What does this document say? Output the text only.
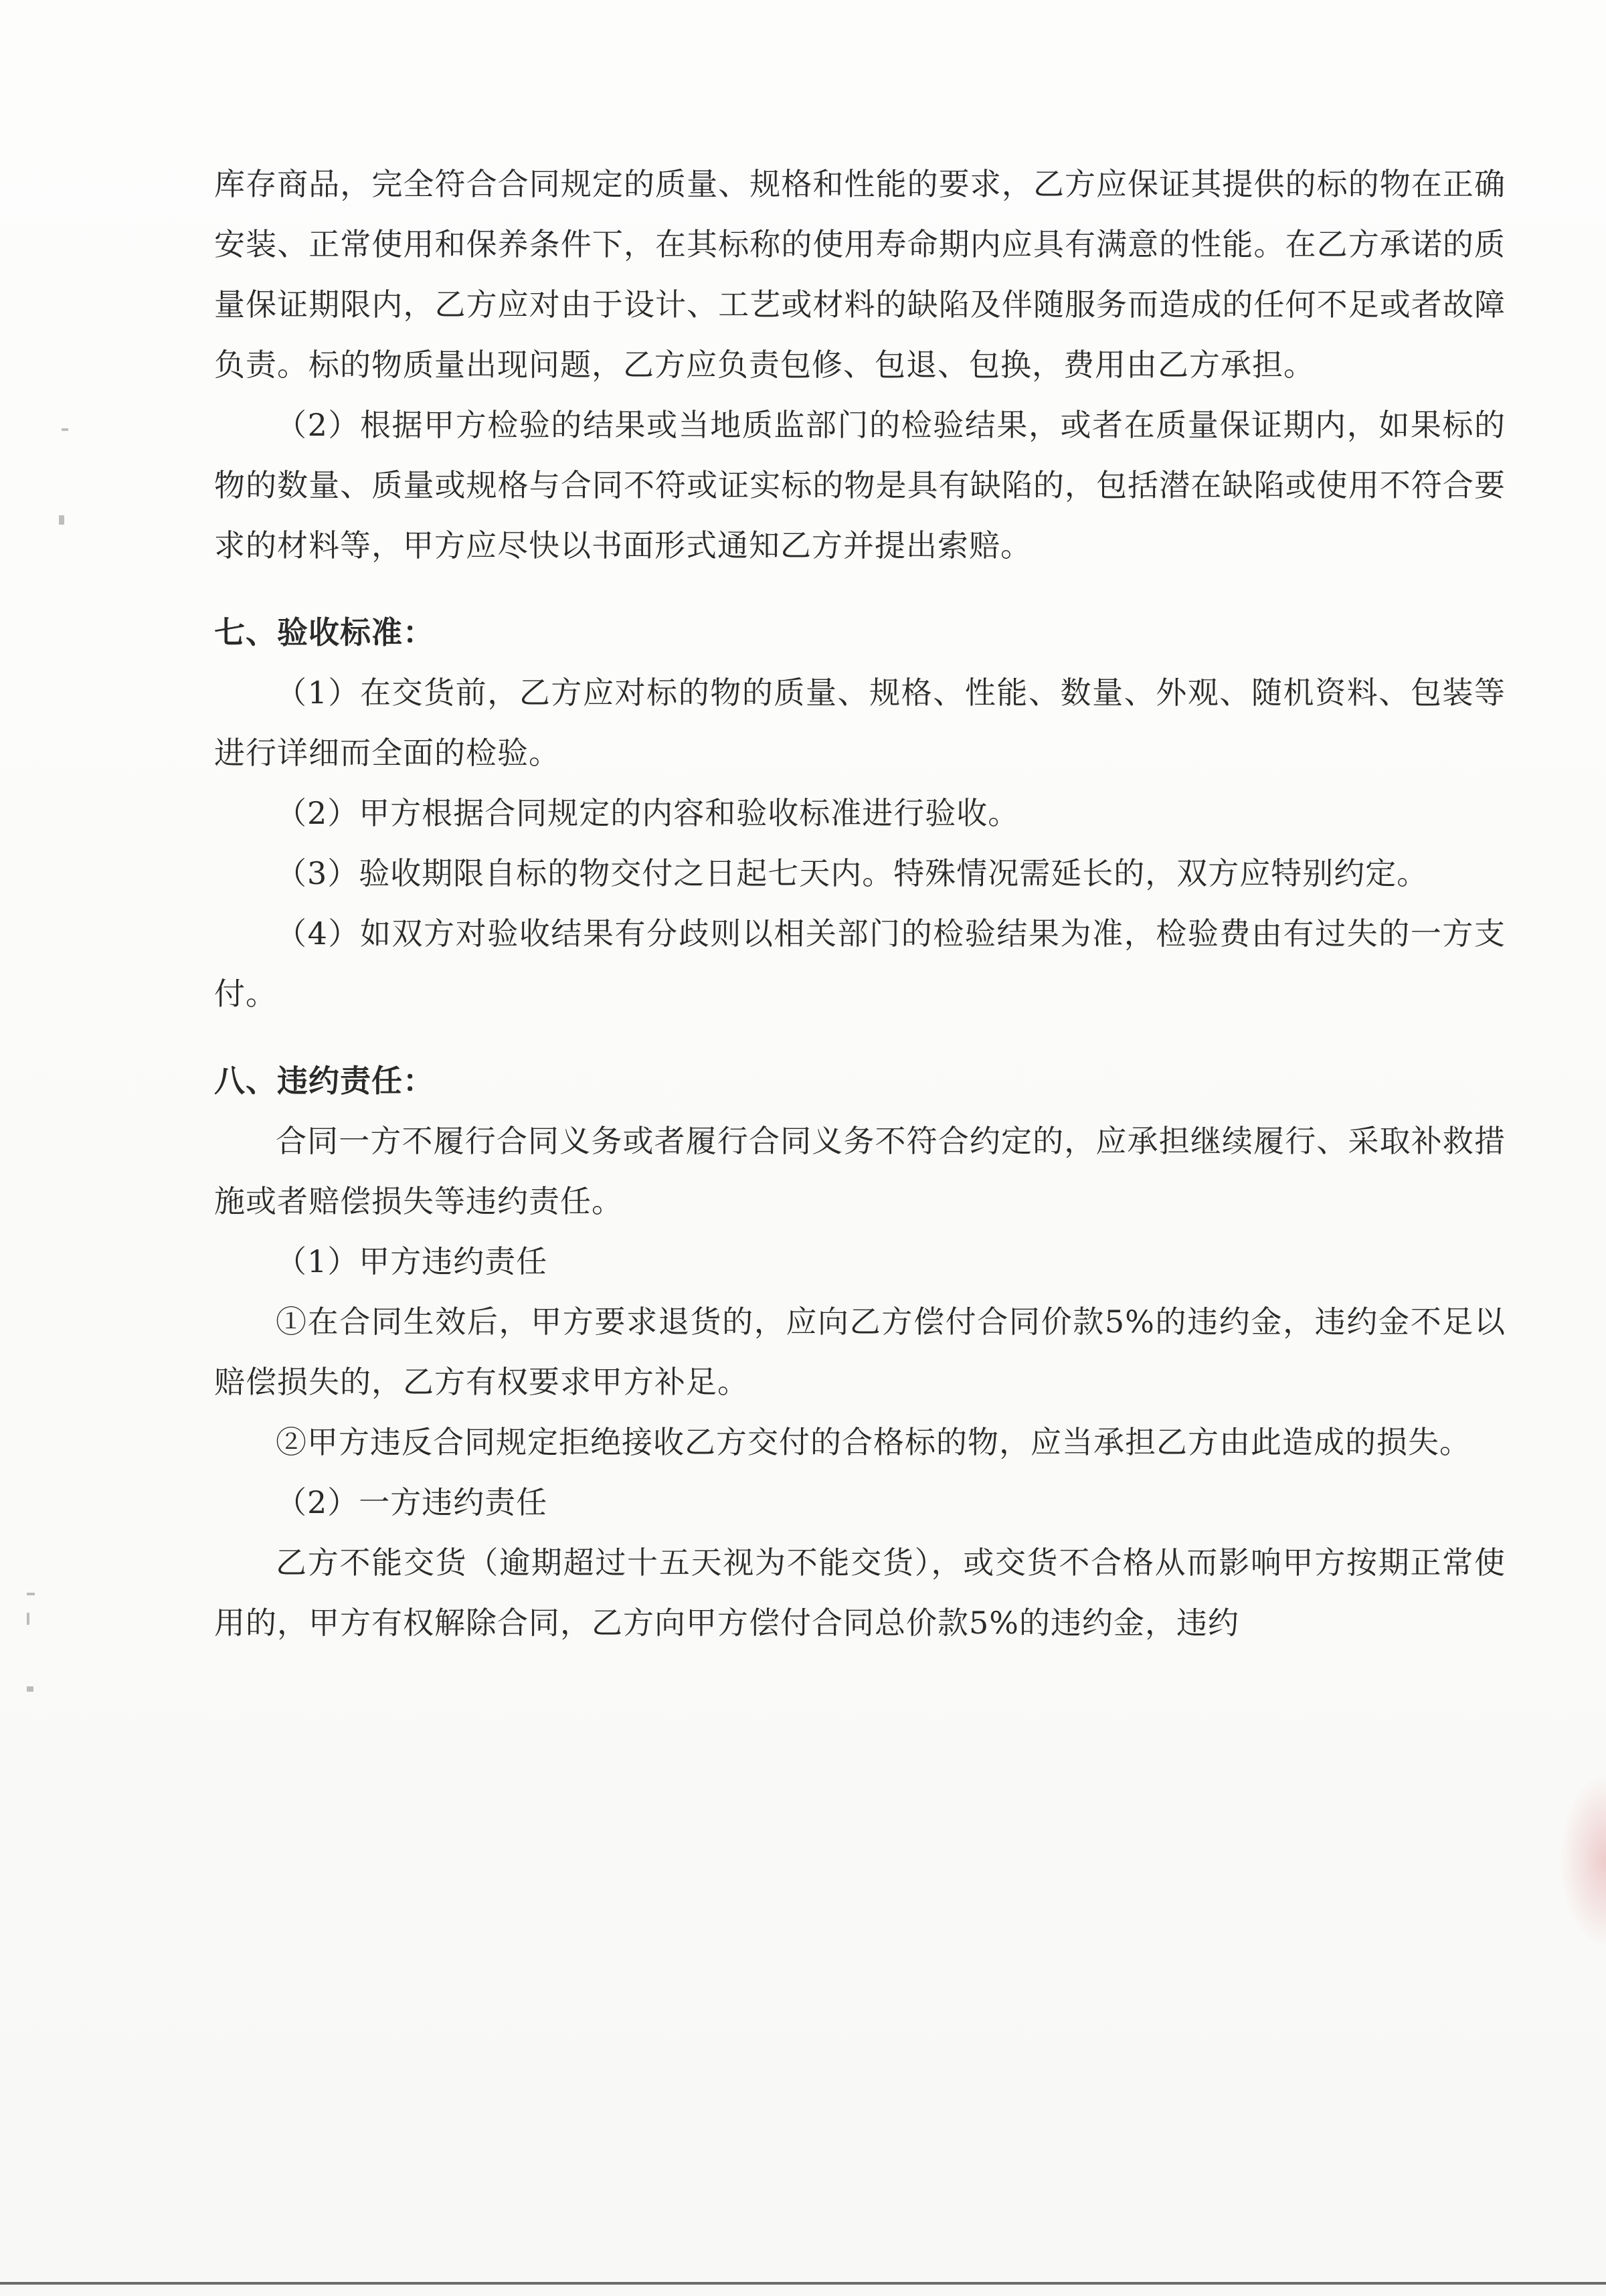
库存商品，完全符合合同规定的质量、规格和性能的要求，乙方应保证其提供的标的物在正确安装、正常使用和保养条件下，在其标称的使用寿命期内应具有满意的性能。在乙方承诺的质量保证期限内，乙方应对由于设计、工艺或材料的缺陷及伴随服务而造成的任何不足或者故障负责。标的物质量出现问题，乙方应负责包修、包退、包换，费用由乙方承担。

（2）根据甲方检验的结果或当地质监部门的检验结果，或者在质量保证期内，如果标的物的数量、质量或规格与合同不符或证实标的物是具有缺陷的，包括潜在缺陷或使用不符合要求的材料等，甲方应尽快以书面形式通知乙方并提出索赔。

七、验收标准：

（1）在交货前，乙方应对标的物的质量、规格、性能、数量、外观、随机资料、包装等进行详细而全面的检验。

（2）甲方根据合同规定的内容和验收标准进行验收。

（3）验收期限自标的物交付之日起七天内。特殊情况需延长的，双方应特别约定。

（4）如双方对验收结果有分歧则以相关部门的检验结果为准，检验费由有过失的一方支付。

八、违约责任：

合同一方不履行合同义务或者履行合同义务不符合约定的，应承担继续履行、采取补救措施或者赔偿损失等违约责任。

（1）甲方违约责任

①在合同生效后，甲方要求退货的，应向乙方偿付合同价款5%的违约金，违约金不足以赔偿损失的，乙方有权要求甲方补足。

②甲方违反合同规定拒绝接收乙方交付的合格标的物，应当承担乙方由此造成的损失。

（2）一方违约责任

乙方不能交货（逾期超过十五天视为不能交货），或交货不合格从而影响甲方按期正常使用的，甲方有权解除合同，乙方向甲方偿付合同总价款5%的违约金，违约
